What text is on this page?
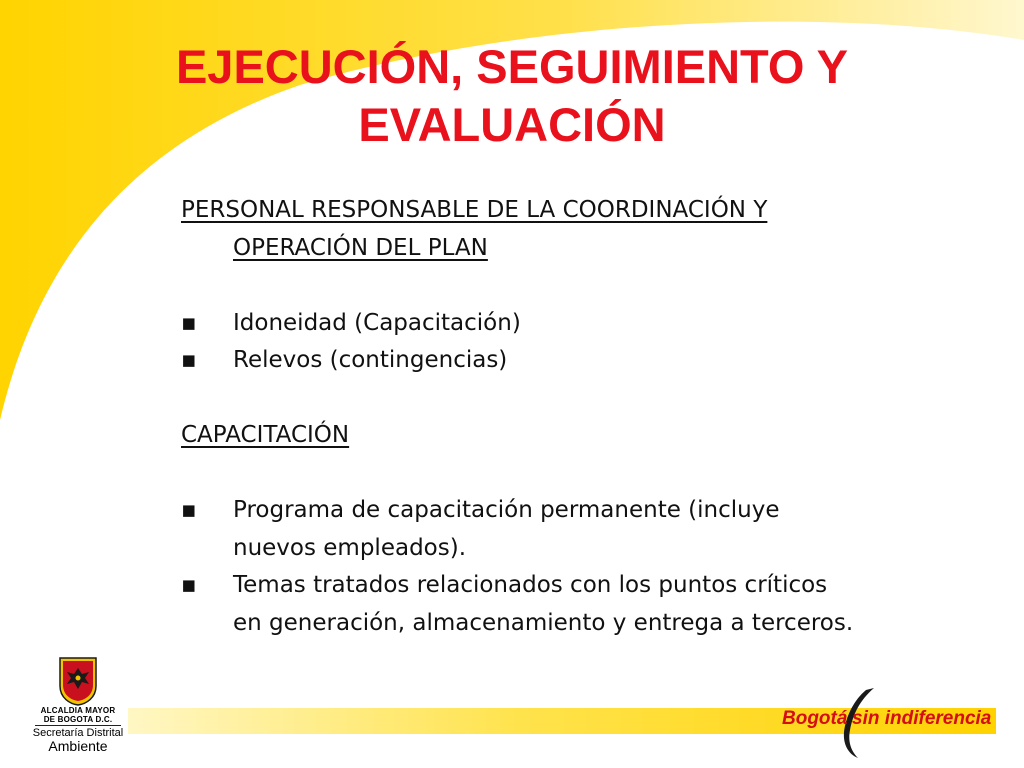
EJECUCIÓN, SEGUIMIENTO Y
EVALUACIÓN
PERSONAL RESPONSABLE DE LA COORDINACIÓN Y
OPERACIÓN DEL PLAN
▪ Idoneidad (Capacitación)
▪ Relevos (contingencias)
CAPACITACIÓN
▪ Programa de capacitación permanente (incluye
nuevos empleados).
▪ Temas tratados relacionados con los puntos críticos
en generación, almacenamiento y entrega a terceros.
ALCALDIA MAYOR
DE BOGOTA D.C.
Secretaría Distrital
Ambiente
Bogotá sin indiferencia
